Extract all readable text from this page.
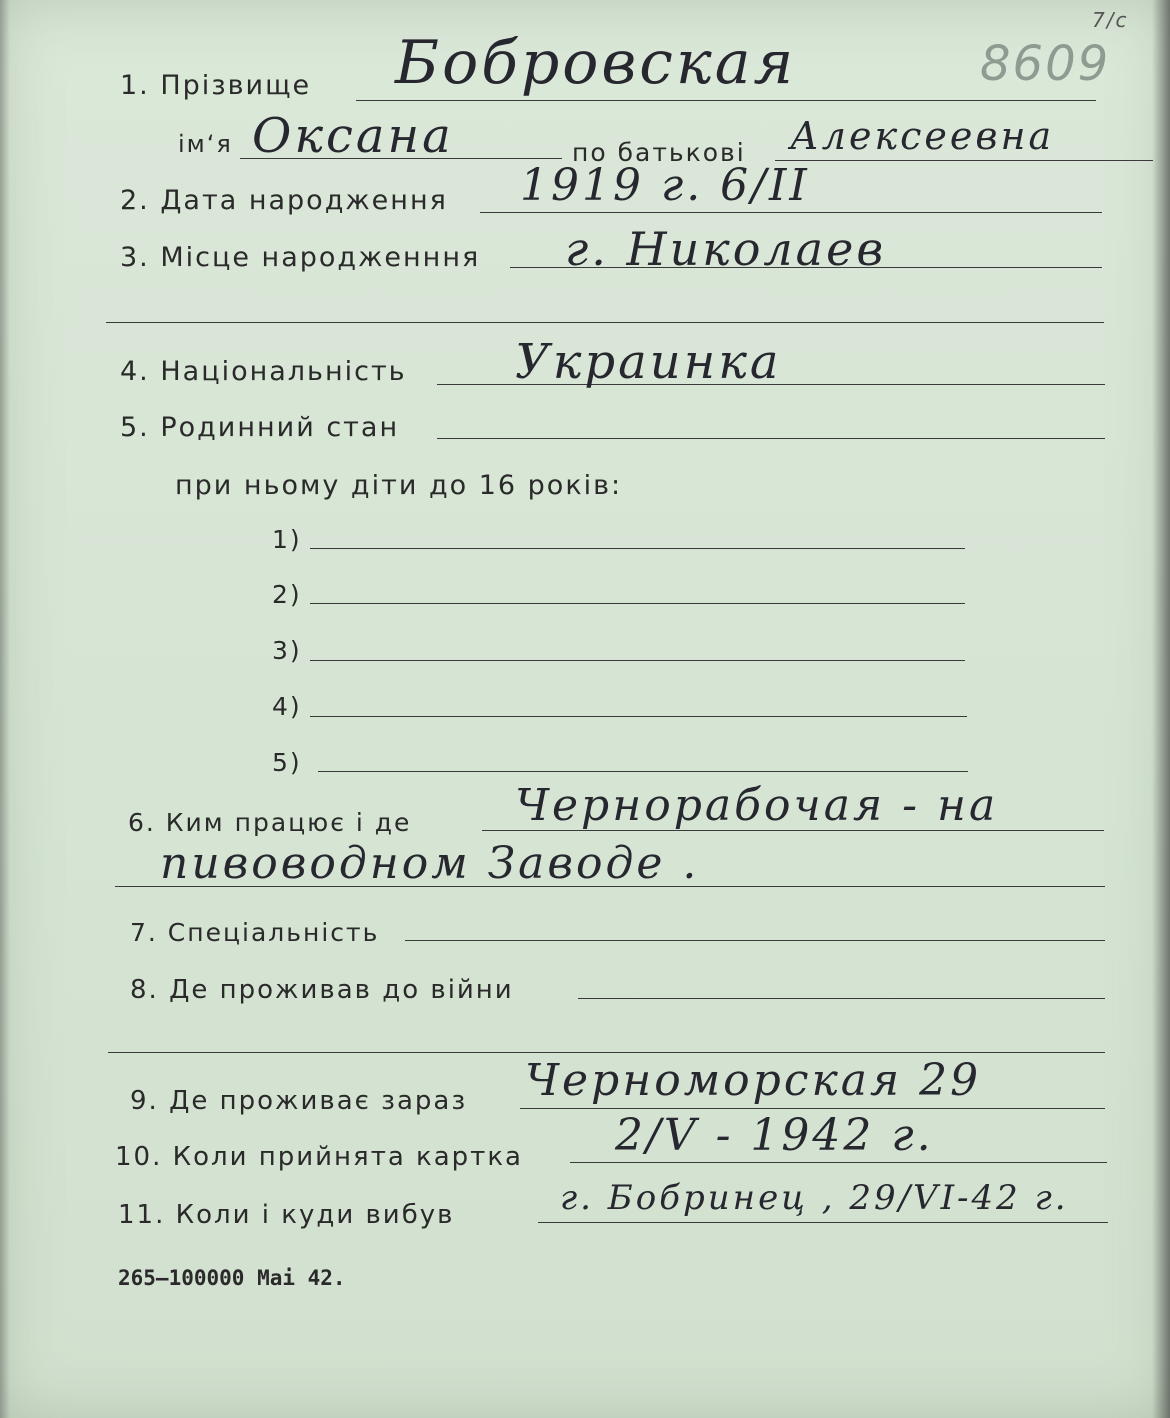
8609
7/с
1. Прізвище Бобровская
ім‘я Оксана	по батькові Алексеевна
2. Дата народження 1919 г. 6/II
3. Місце народженння г. Николаев
4. Національність Украинка
5. Родинний стан
при ньому діти до 16 років:
1)
2)
3)
4)
5)
6. Ким працює і де Чернорабочая - на
пивоводном Заводе .
7. Спеціальність
8. Де проживав до війни
9. Де проживає зараз Черноморская 29
10. Коли прийнята картка 2/V - 1942 г.
11. Коли і куди вибув	г. Бобринец , 29/VI-42 г.
265—100000 Mai 42.
